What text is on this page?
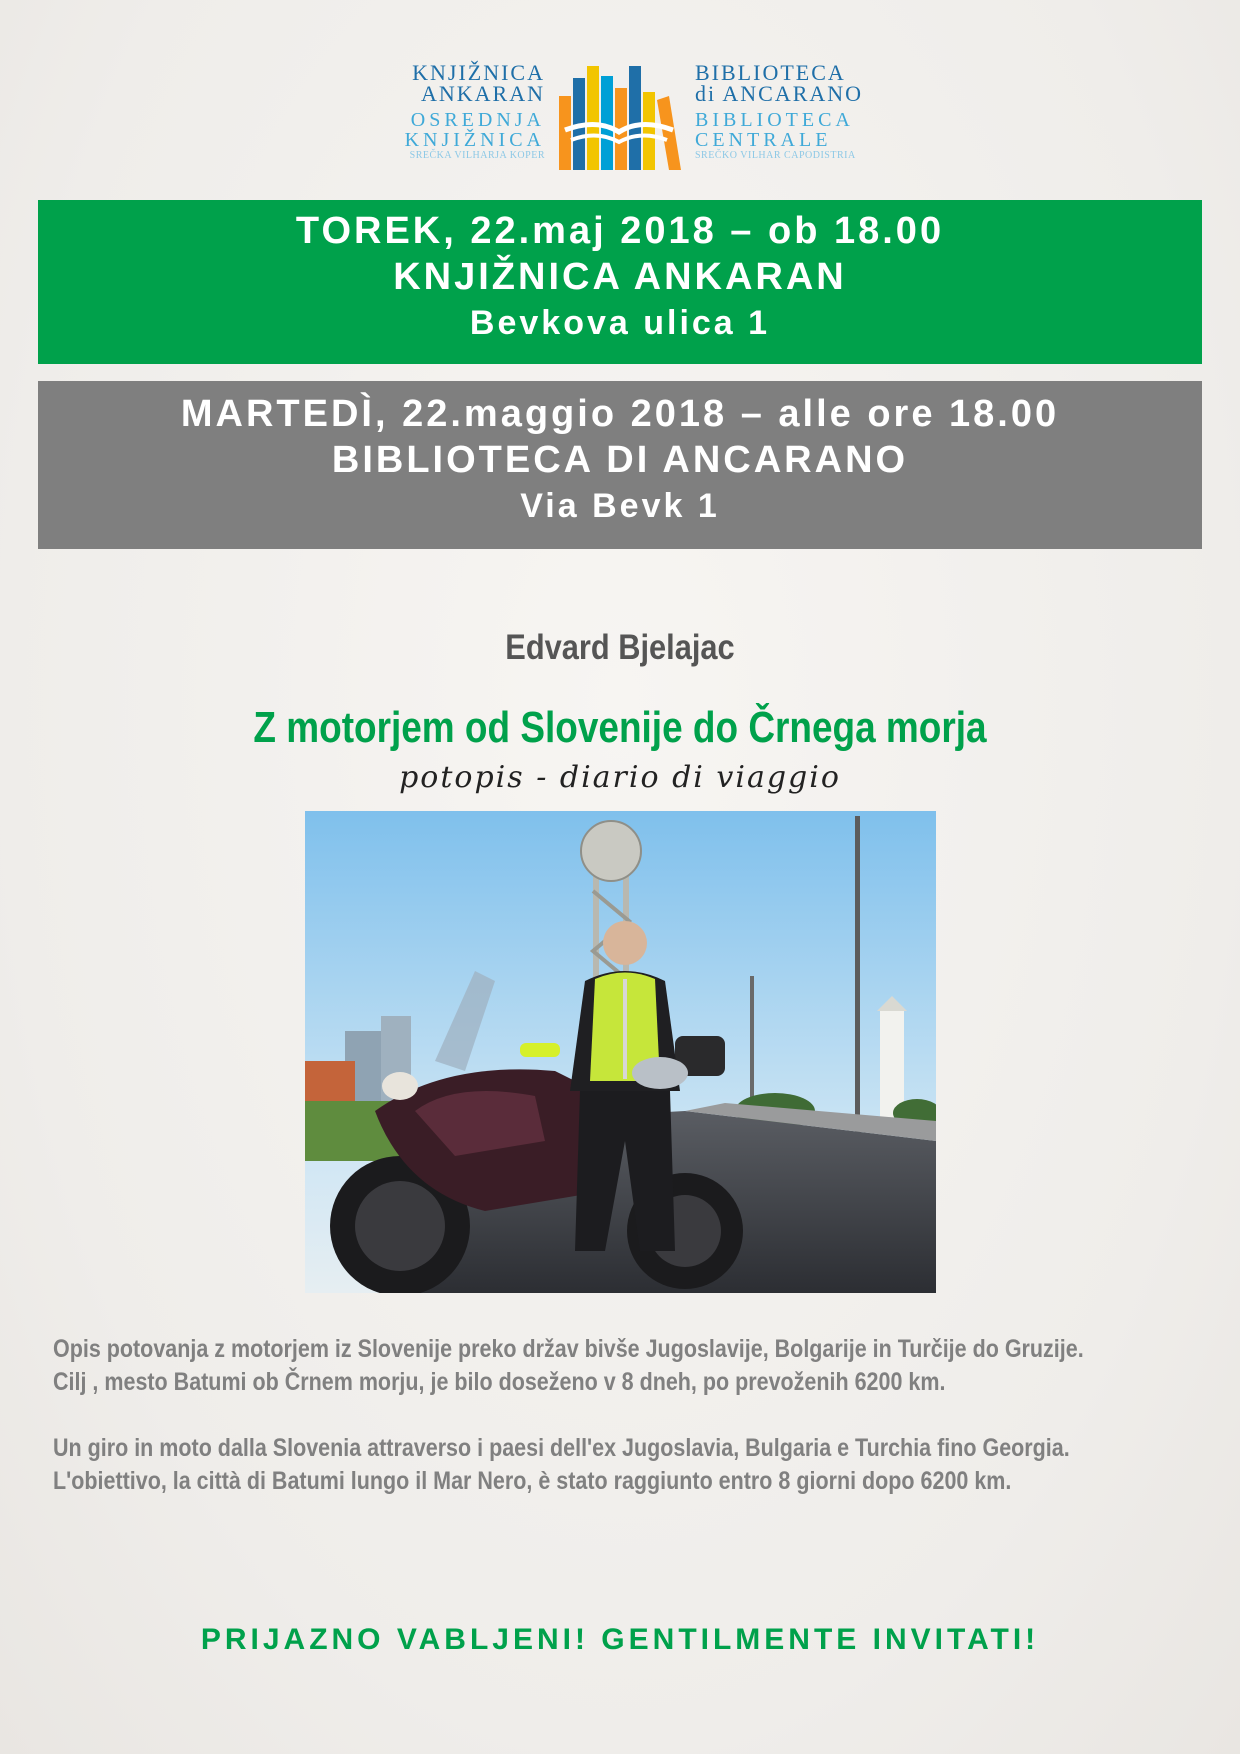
KNJIŽNICA
ANKARAN
OSREDNJA
KNJIŽNICA
SREČKA VILHARJA KOPER
BIBLIOTECA
di ANCARANO
BIBLIOTECA
CENTRALE
SREČKO VILHAR CAPODISTRIA
TOREK, 22.maj 2018 – ob 18.00
KNJIŽNICA ANKARAN
Bevkova ulica 1
MARTEDÌ, 22.maggio 2018 – alle ore 18.00
BIBLIOTECA DI ANCARANO
Via Bevk 1
Edvard Bjelajac
Z motorjem od Slovenije do Črnega morja
potopis - diario di viaggio
Opis potovanja z motorjem iz Slovenije preko držav bivše Jugoslavije, Bolgarije in Turčije do Gruzije.
Cilj , mesto Batumi ob Črnem morju, je bilo doseženo v 8 dneh, po prevoženih 6200 km.
Un giro in moto dalla Slovenia attraverso i paesi dell'ex Jugoslavia, Bulgaria e Turchia fino Georgia.
L'obiettivo, la città di Batumi lungo il Mar Nero, è stato raggiunto entro 8 giorni dopo 6200 km.
PRIJAZNO VABLJENI! GENTILMENTE INVITATI!
